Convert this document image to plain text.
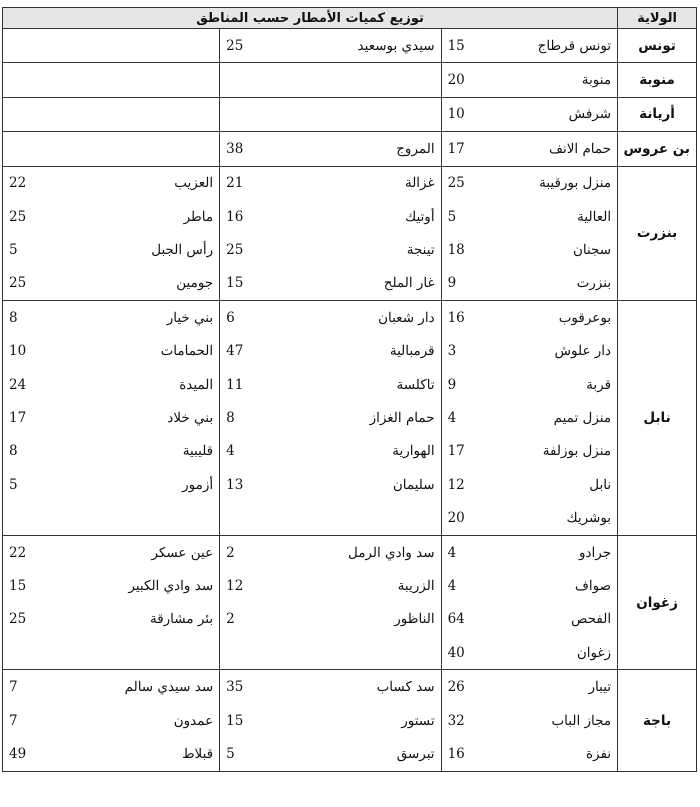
الولاية	توزيع كميات الأمطار حسب المناطق					
تونس	تونس قرطاج	15	سيدي بوسعيد	25		
منوبة	منوبة	20				
أريانة	شرفش	10				
بن عروس	حمام الانف	17	المروج	38		
بنزرت	منزل بورقيبة	25	غزالة	21	العزيب	22
	العالية	5	أوتيك	16	ماطر	25
	سجنان	18	تينجة	25	رأس الجبل	5
	بنزرت	9	غار الملح	15	جومين	25
نابل	بوعرقوب	16	دار شعبان	6	بني خيار	8
	دار علوش	3	قرمبالية	47	الحمامات	10
	قربة	9	تاكلسة	11	الميدة	24
	منزل تميم	4	حمام الغزاز	8	بني خلاد	17
	منزل بوزلفة	17	الهوارية	4	قليبية	8
	نابل	12	سليمان	13	أزمور	5
	بوشريك	20				
زغوان	جرادو	4	سد وادي الرمل	2	عين عسكر	22
	صواف	4	الزريبة	12	سد وادي الكبير	15
	الفحص	64	الناظور	2	بئر مشارقة	25
	زغوان	40				
باجة	تيبار	26	سد كساب	35	سد سيدي سالم	7
	مجاز الباب	32	تستور	15	عمدون	7
	نفزة	16	تبرسق	5	قبلاط	49
